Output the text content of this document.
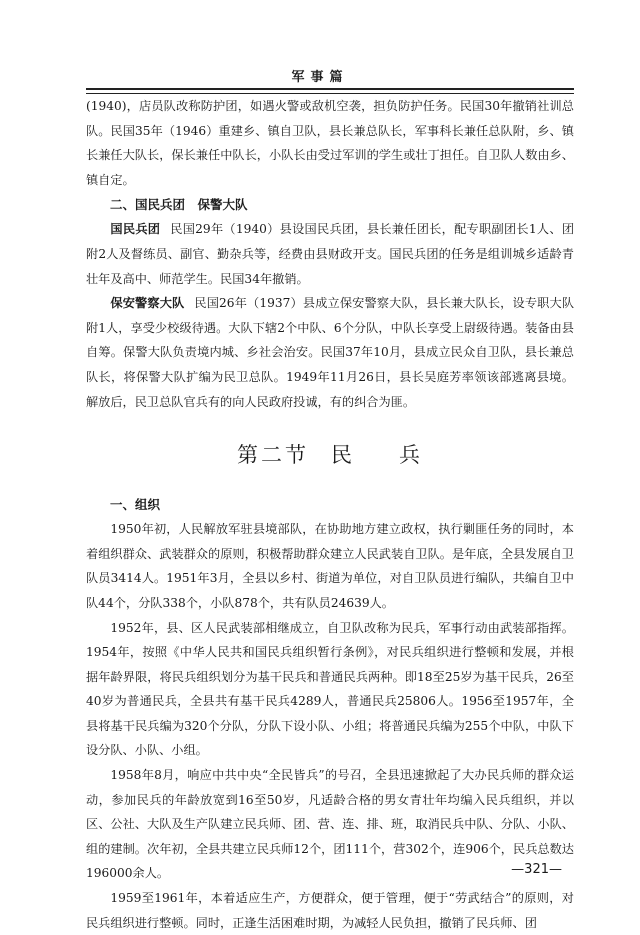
军事篇

(1940)，店员队改称防护团，如遇火警或敌机空袭，担负防护任务。民国30年撤销社训总队。民国35年（1946）重建乡、镇自卫队，县长兼总队长，军事科长兼任总队附，乡、镇长兼任大队长，保长兼任中队长，小队长由受过军训的学生或壮丁担任。自卫队人数由乡、镇自定。

二、国民兵团　保警大队

国民兵团 民国29年（1940）县设国民兵团，县长兼任团长，配专职副团长1人、团附2人及督练员、副官、勤杂兵等，经费由县财政开支。国民兵团的任务是组训城乡适龄青壮年及高中、师范学生。民国34年撤销。

保安警察大队 民国26年（1937）县成立保安警察大队，县长兼大队长，设专职大队附1人，享受少校级待遇。大队下辖2个中队、6个分队，中队长享受上尉级待遇。装备由县自筹。保警大队负责境内城、乡社会治安。民国37年10月，县成立民众自卫队，县长兼总队长，将保警大队扩编为民卫总队。1949年11月26日，县长吴庭芳率领该部逃离县境。解放后，民卫总队官兵有的向人民政府投诚，有的纠合为匪。

第二节 民 兵
一、组织

1950年初，人民解放军驻县境部队，在协助地方建立政权，执行剿匪任务的同时，本着组织群众、武装群众的原则，积极帮助群众建立人民武装自卫队。是年底，全县发展自卫队员3414人。1951年3月，全县以乡村、街道为单位，对自卫队员进行编队，共编自卫中队44个，分队338个，小队878个，共有队员24639人。

1952年，县、区人民武装部相继成立，自卫队改称为民兵，军事行动由武装部指挥。1954年，按照《中华人民共和国民兵组织暂行条例》，对民兵组织进行整顿和发展，并根据年龄界限，将民兵组织划分为基干民兵和普通民兵两种。即18至25岁为基干民兵，26至40岁为普通民兵，全县共有基干民兵4289人，普通民兵25806人。1956至1957年，全县将基干民兵编为320个分队，分队下设小队、小组；将普通民兵编为255个中队，中队下设分队、小队、小组。

1958年8月，响应中共中央“全民皆兵”的号召，全县迅速掀起了大办民兵师的群众运动，参加民兵的年龄放宽到16至50岁，凡适龄合格的男女青壮年均编入民兵组织，并以区、公社、大队及生产队建立民兵师、团、营、连、排、班，取消民兵中队、分队、小队、组的建制。次年初，全县共建立民兵师12个，团111个，营302个，连906个，民兵总数达196000余人。

1959至1961年，本着适应生产，方便群众，便于管理，便于“劳武结合”的原则，对民兵组织进行整顿。同时，正逢生活困难时期，为减轻人民负担，撤销了民兵师、团

—321—
